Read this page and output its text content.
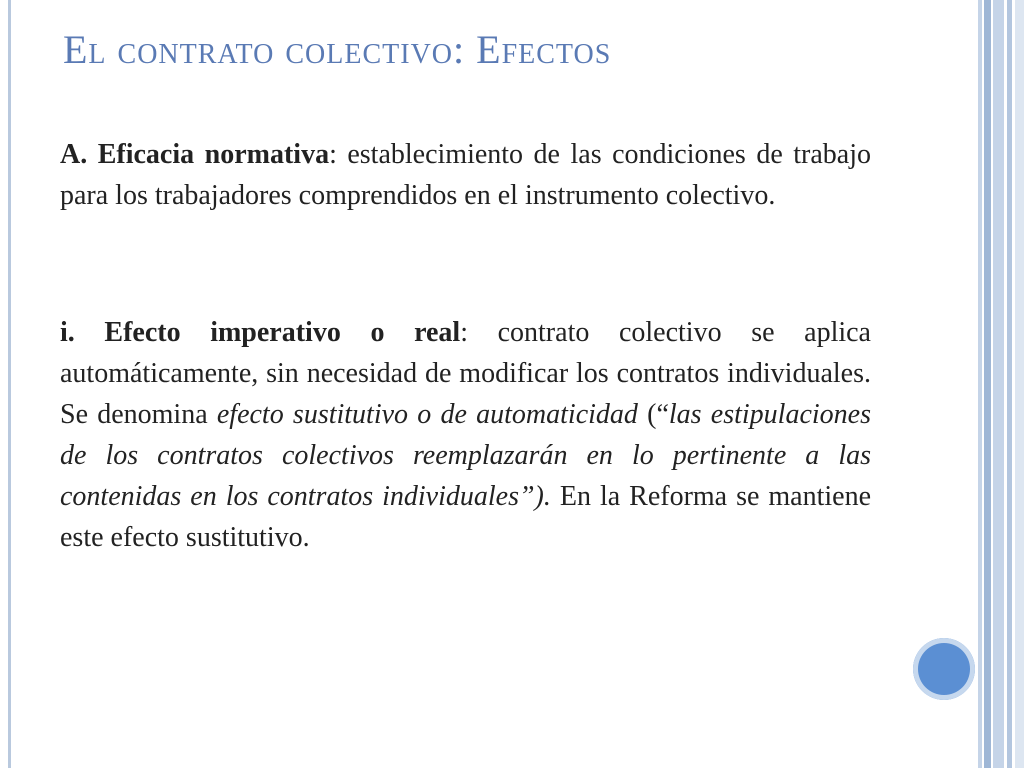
El contrato colectivo: Efectos

A. Eficacia normativa: establecimiento de las condiciones de trabajo para los trabajadores comprendidos en el instrumento colectivo.

i. Efecto imperativo o real: contrato colectivo se aplica automáticamente, sin necesidad de modificar los contratos individuales. Se denomina efecto sustitutivo o de automaticidad (“las estipulaciones de los contratos colectivos reemplazarán en lo pertinente a las contenidas en los contratos individuales”). En la Reforma se mantiene este efecto sustitutivo.
